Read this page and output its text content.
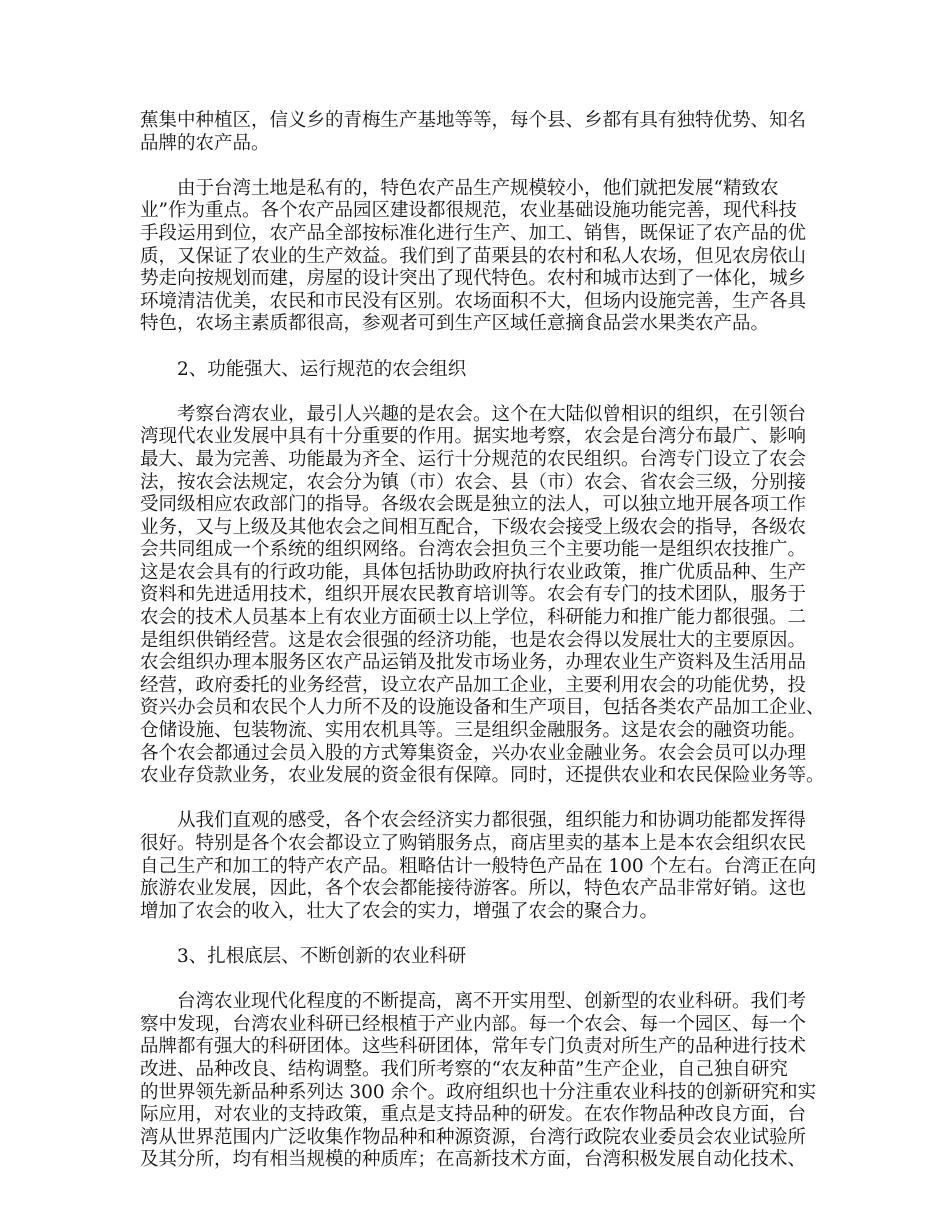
蕉集中种植区，信义乡的青梅生产基地等等，每个县、乡都有具有独特优势、知名
品牌的农产品。
由于台湾土地是私有的，特色农产品生产规模较小，他们就把发展“精致农
业”作为重点。各个农产品园区建设都很规范，农业基础设施功能完善，现代科技
手段运用到位，农产品全部按标准化进行生产、加工、销售，既保证了农产品的优
质，又保证了农业的生产效益。我们到了苗栗县的农村和私人农场，但见农房依山
势走向按规划而建，房屋的设计突出了现代特色。农村和城市达到了一体化，城乡
环境清洁优美，农民和市民没有区别。农场面积不大，但场内设施完善，生产各具
特色，农场主素质都很高，参观者可到生产区域任意摘食品尝水果类农产品。
2、功能强大、运行规范的农会组织
考察台湾农业，最引人兴趣的是农会。这个在大陆似曾相识的组织，在引领台
湾现代农业发展中具有十分重要的作用。据实地考察，农会是台湾分布最广、影响
最大、最为完善、功能最为齐全、运行十分规范的农民组织。台湾专门设立了农会
法，按农会法规定，农会分为镇（市）农会、县（市）农会、省农会三级，分别接
受同级相应农政部门的指导。各级农会既是独立的法人，可以独立地开展各项工作
业务，又与上级及其他农会之间相互配合，下级农会接受上级农会的指导，各级农
会共同组成一个系统的组织网络。台湾农会担负三个主要功能一是组织农技推广。
这是农会具有的行政功能，具体包括协助政府执行农业政策，推广优质品种、生产
资料和先进适用技术，组织开展农民教育培训等。农会有专门的技术团队，服务于
农会的技术人员基本上有农业方面硕士以上学位，科研能力和推广能力都很强。二
是组织供销经营。这是农会很强的经济功能，也是农会得以发展壮大的主要原因。
农会组织办理本服务区农产品运销及批发市场业务，办理农业生产资料及生活用品
经营，政府委托的业务经营，设立农产品加工企业，主要利用农会的功能优势，投
资兴办会员和农民个人力所不及的设施设备和生产项目，包括各类农产品加工企业、
仓储设施、包装物流、实用农机具等。三是组织金融服务。这是农会的融资功能。
各个农会都通过会员入股的方式筹集资金，兴办农业金融业务。农会会员可以办理
农业存贷款业务，农业发展的资金很有保障。同时，还提供农业和农民保险业务等。
从我们直观的感受，各个农会经济实力都很强，组织能力和协调功能都发挥得
很好。特别是各个农会都设立了购销服务点，商店里卖的基本上是本农会组织农民
自己生产和加工的特产农产品。粗略估计一般特色产品在 100 个左右。台湾正在向
旅游农业发展，因此，各个农会都能接待游客。所以，特色农产品非常好销。这也
增加了农会的收入，壮大了农会的实力，增强了农会的聚合力。
3、扎根底层、不断创新的农业科研
台湾农业现代化程度的不断提高，离不开实用型、创新型的农业科研。我们考
察中发现，台湾农业科研已经根植于产业内部。每一个农会、每一个园区、每一个
品牌都有强大的科研团体。这些科研团体，常年专门负责对所生产的品种进行技术
改进、品种改良、结构调整。我们所考察的“农友种苗”生产企业，自己独自研究
的世界领先新品种系列达 300 余个。政府组织也十分注重农业科技的创新研究和实
际应用，对农业的支持政策，重点是支持品种的研发。在农作物品种改良方面，台
湾从世界范围内广泛收集作物品种和种源资源，台湾行政院农业委员会农业试验所
及其分所，均有相当规模的种质库；在高新技术方面，台湾积极发展自动化技术、
